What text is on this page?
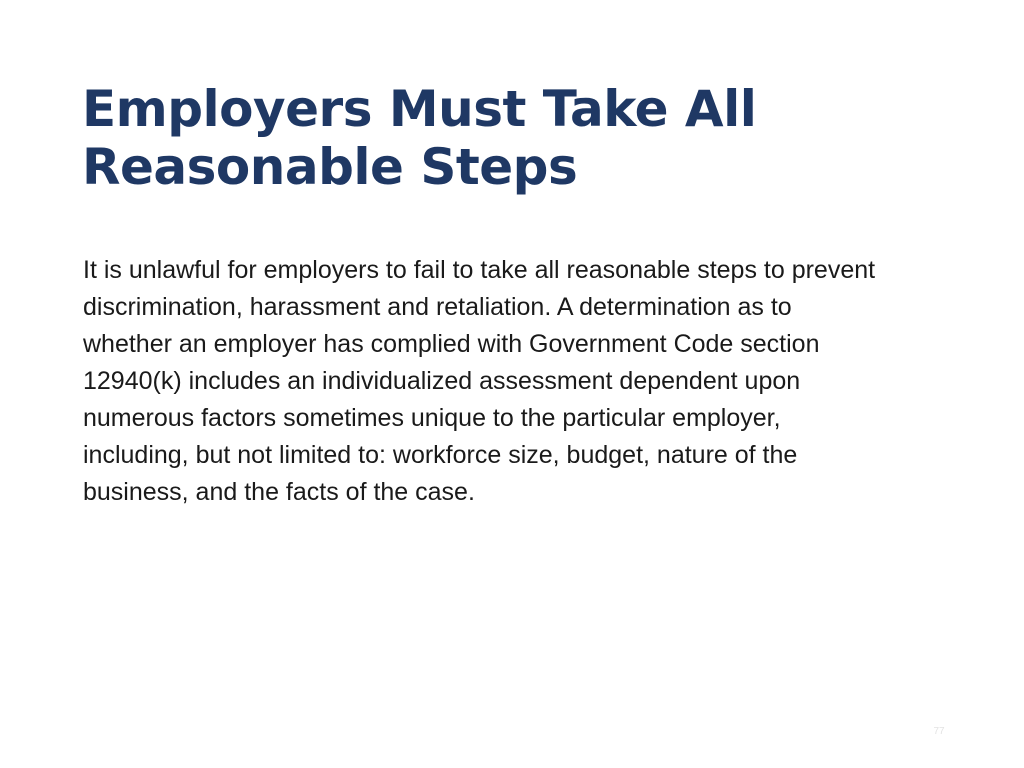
Employers Must Take All Reasonable Steps

It is unlawful for employers to fail to take all reasonable steps to prevent discrimination, harassment and retaliation. A determination as to whether an employer has complied with Government Code section 12940(k) includes an individualized assessment dependent upon numerous factors sometimes unique to the particular employer, including, but not limited to: workforce size, budget, nature of the business, and the facts of the case.

77
